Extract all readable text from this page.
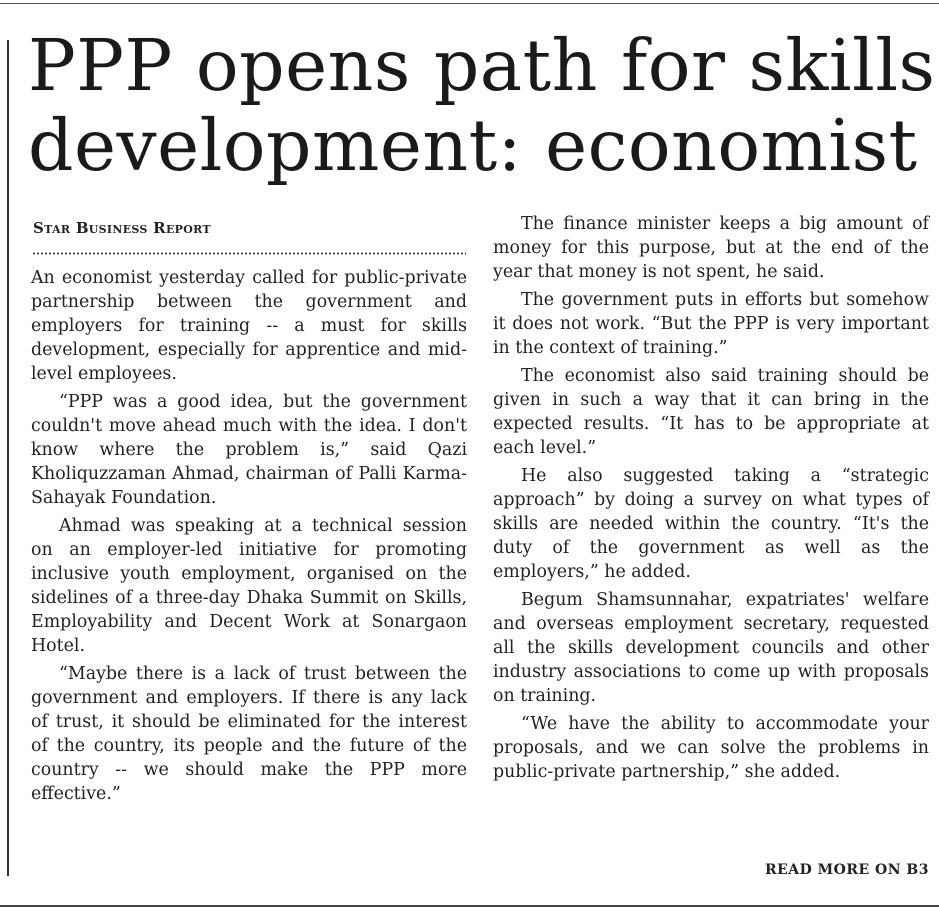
PPP opens path for skills
development: economist
Star Business Report

An economist yesterday called for public-private partnership between the government and employers for training -- a must for skills development, especially for apprentice and mid-level employees.

“PPP was a good idea, but the government couldn't move ahead much with the idea. I don't know where the problem is,” said Qazi Kholiquzzaman Ahmad, chairman of Palli Karma-Sahayak Foundation.

Ahmad was speaking at a technical session on an employer-led initiative for promoting inclusive youth employment, organised on the sidelines of a three-day Dhaka Summit on Skills, Employability and Decent Work at Sonargaon Hotel.

“Maybe there is a lack of trust between the government and employers. If there is any lack of trust, it should be eliminated for the interest of the country, its people and the future of the country -- we should make the PPP more effective.”

The finance minister keeps a big amount of money for this purpose, but at the end of the year that money is not spent, he said.

The government puts in efforts but somehow it does not work. “But the PPP is very important in the context of training.”

The economist also said training should be given in such a way that it can bring in the expected results. “It has to be appropriate at each level.”

He also suggested taking a “strategic approach” by doing a survey on what types of skills are needed within the country. “It's the duty of the government as well as the employers,” he added.

Begum Shamsunnahar, expatriates' welfare and overseas employment secretary, requested all the skills development councils and other industry associations to come up with proposals on training.

“We have the ability to accommodate your proposals, and we can solve the problems in public-private partnership,” she added.

READ MORE ON B3
